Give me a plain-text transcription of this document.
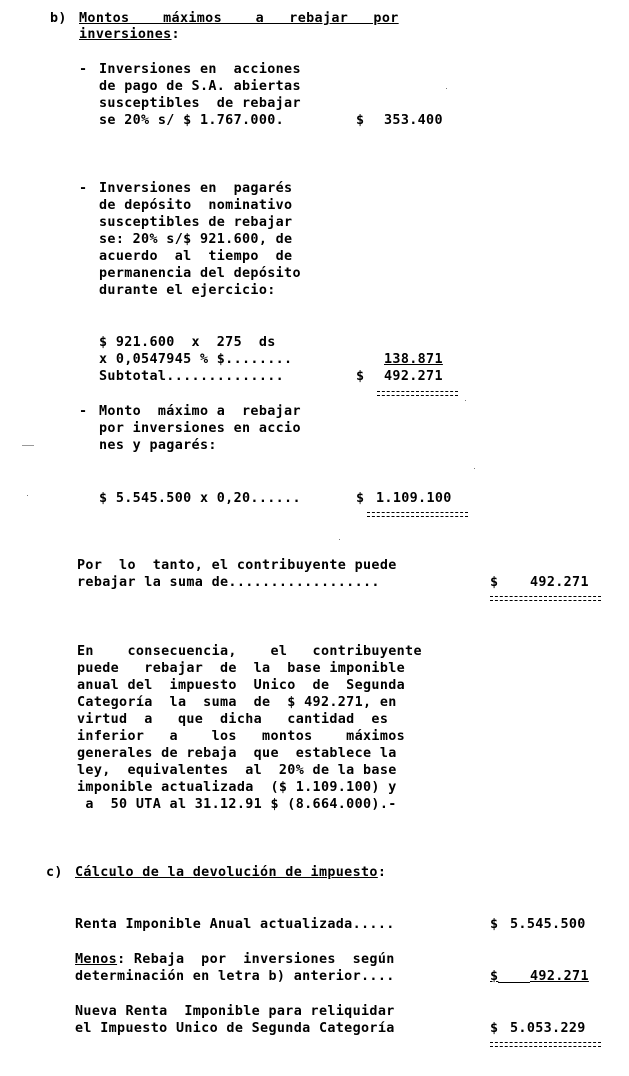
b) Montos    máximos    a   rebajar   por
inversiones:
- Inversiones en  acciones
de pago de S.A. abiertas
susceptibles  de rebajar
se 20% s/ $ 1.767.000.	$ 353.400
- Inversiones en  pagarés
de depósito  nominativo
susceptibles de rebajar
se: 20% s/$ 921.600, de
acuerdo  al  tiempo  de
permanencia del depósito
durante el ejercicio:
$ 921.600  x  275  ds
x 0,0547945 % $........	138.871
Subtotal..............	$ 492.271
- Monto  máximo a  rebajar
por inversiones en accio
nes y pagarés:
$ 5.545.500 x 0,20......	$ 1.109.100
Por  lo  tanto, el contribuyente puede
rebajar la suma de..................	$ 492.271
En    consecuencia,    el   contribuyente
puede   rebajar  de  la  base imponible
anual del  impuesto  Unico  de  Segunda
Categoría  la  suma  de  $ 492.271, en
virtud  a   que  dicha   cantidad  es
inferior   a    los   montos    máximos
generales de rebaja  que  establece la
ley,  equivalentes  al  20% de la base
imponible actualizada  ($ 1.109.100) y
a  50 UTA al 31.12.91 $ (8.664.000).-
c) Cálculo de la devolución de impuesto:
Renta Imponible Anual actualizada.....	$ 5.545.500
Menos: Rebaja  por  inversiones  según
determinación en letra b) anterior....	$ 492.271
Nueva Renta  Imponible para reliquidar
el Impuesto Unico de Segunda Categoría	$ 5.053.229
